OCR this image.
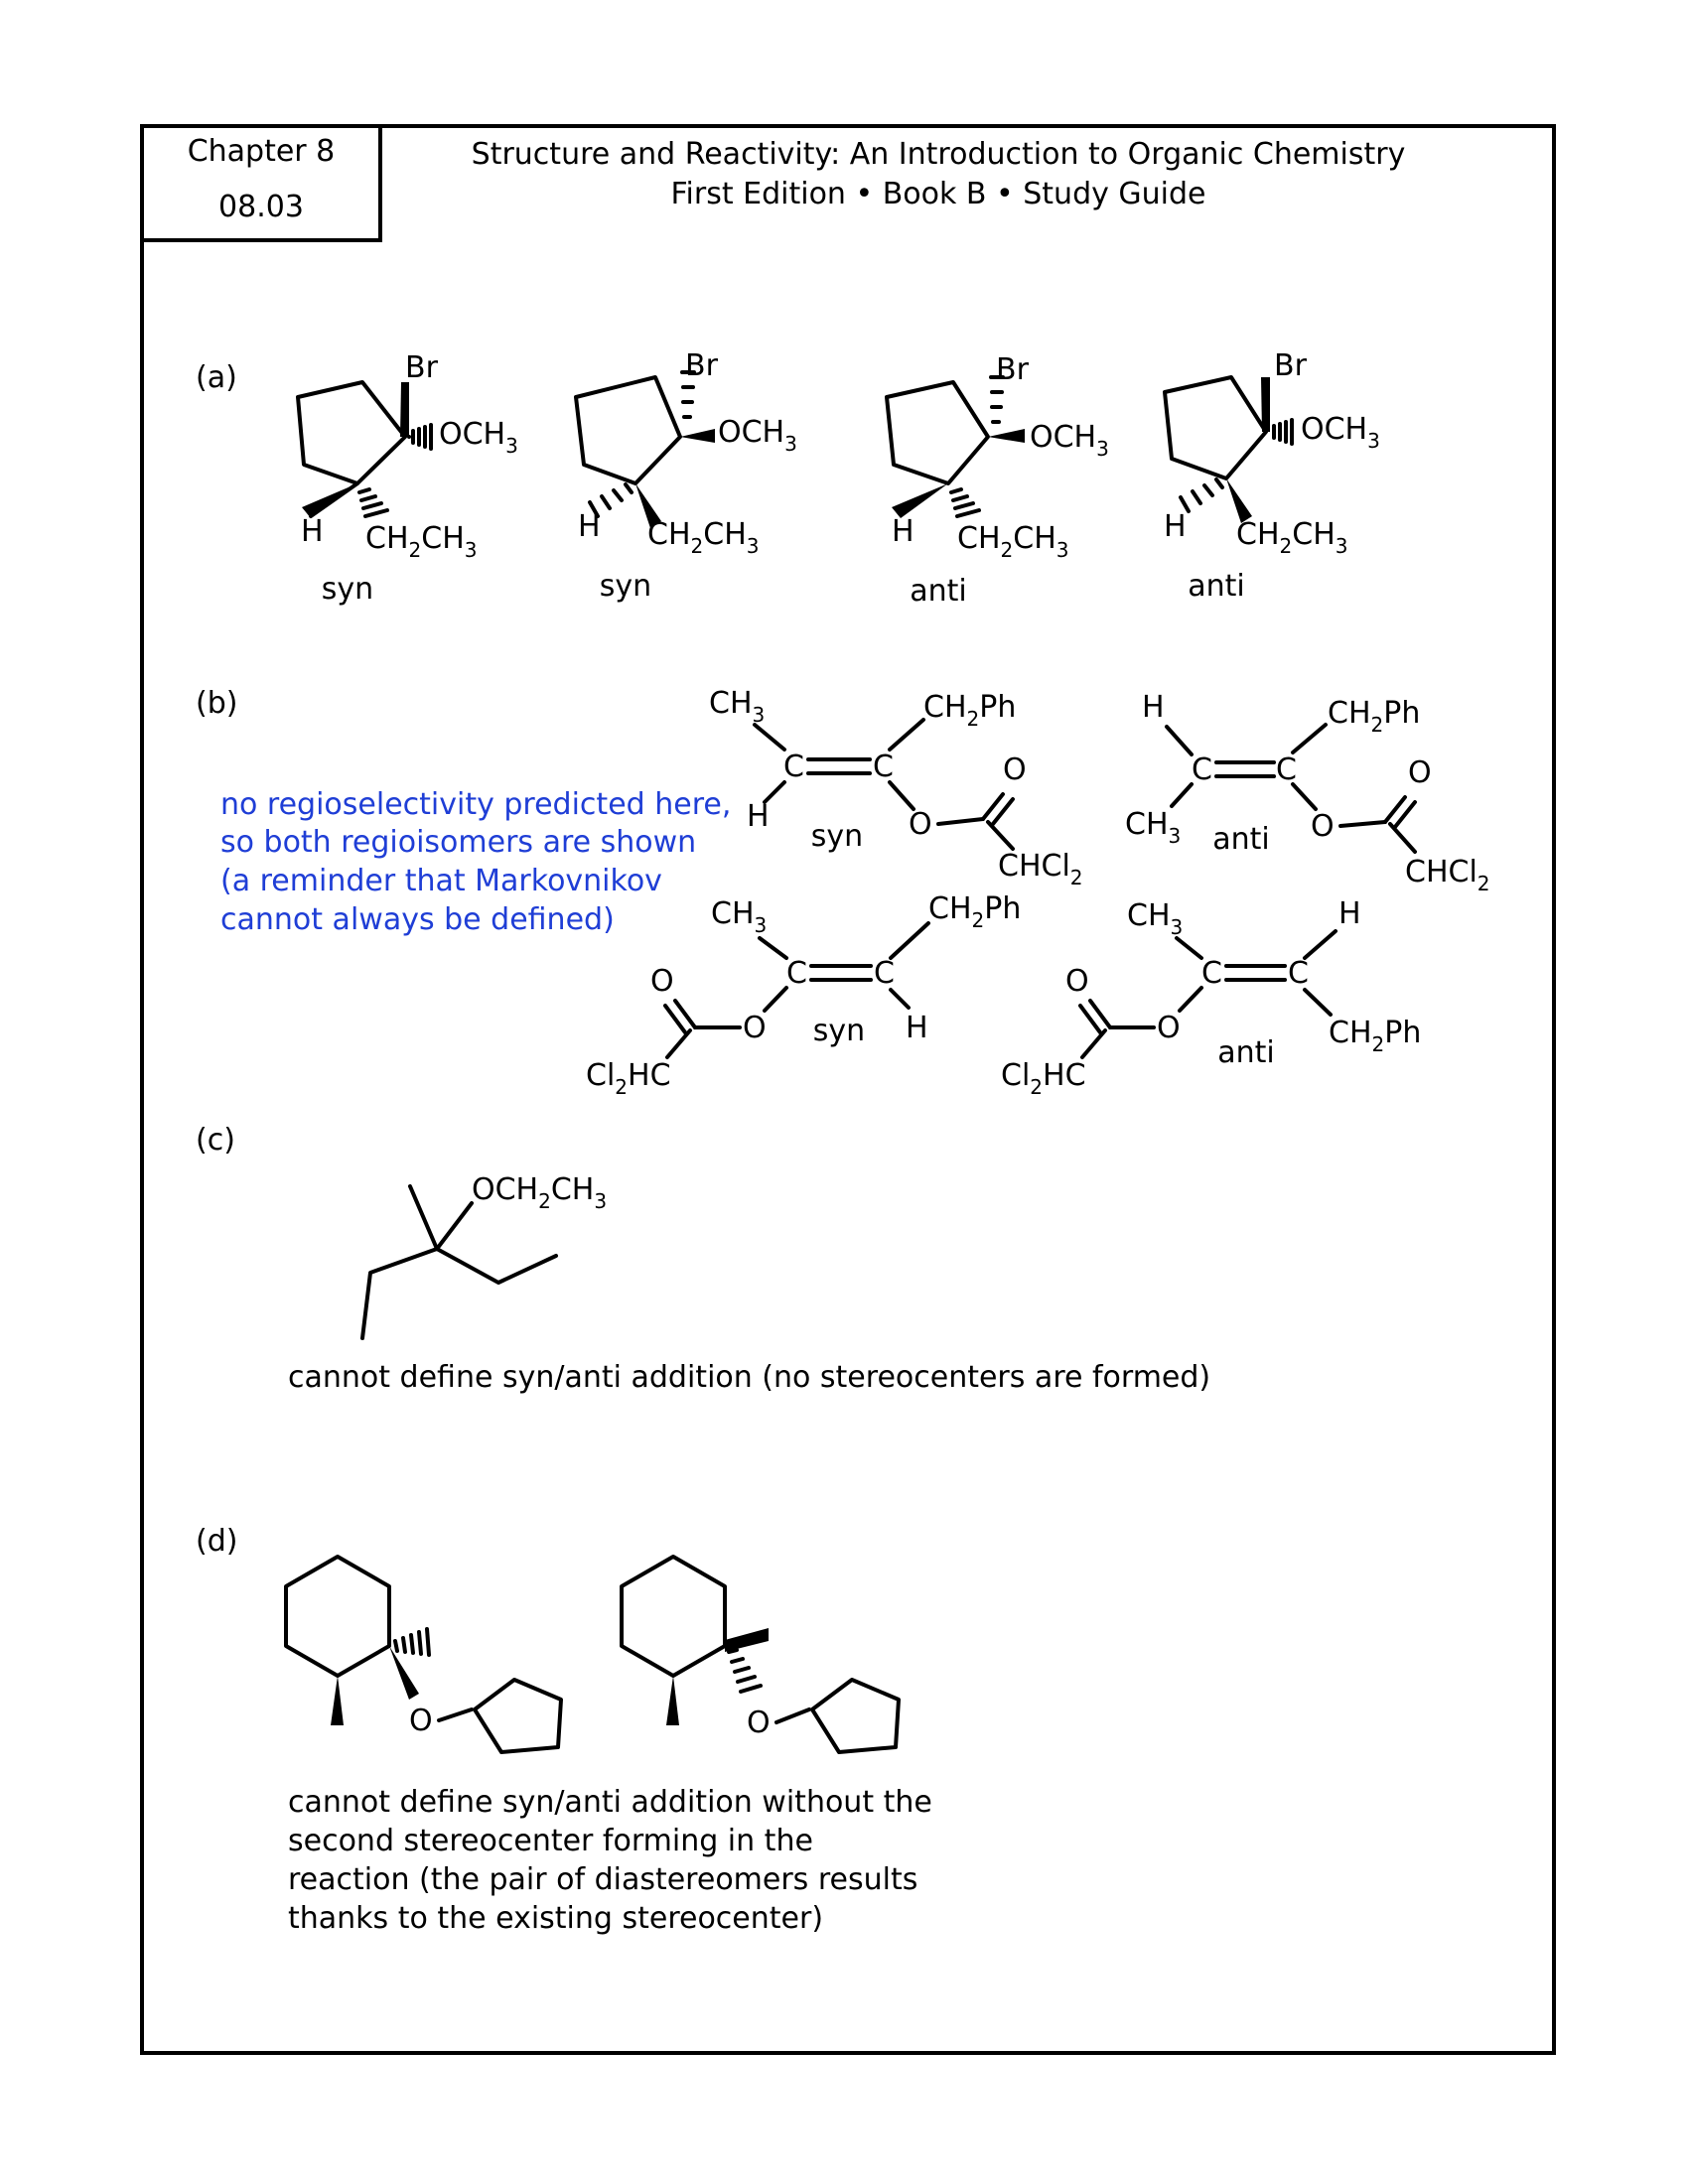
Chapter 8
08.03
Structure and Reactivity: An Introduction to Organic Chemistry
First Edition • Book B • Study Guide
(a)	Br
$OCH_3$
H $CH_2CH_3$
syn
Br
$OCH_3$
H $CH_2CH_3$
syn
Br
$OCH_3$
H $CH_2CH_3$
anti
Br
$OCH_3$
H $CH_2CH_3$
anti
(b)
no regioselectivity predicted here,
so both regioisomers are shown
(a reminder that Markovnikov
cannot always be defined)
$CH_3$
C C
H
$CH_2Ph$
O
O
CHCl$_2$
syn
H
C C
$CH_3$
$CH_2Ph$
O
O
CHCl$_2$
anti
$CH_3$
C C
$CH_2Ph$
H
O
O
$Cl_2HC$
syn
$CH_3$
C C
H
$CH_2Ph$
O
O
$Cl_2HC$
anti
(c)
$OCH_2CH_3$
cannot define syn/anti addition (no stereocenters are formed)
(d)
O	O
cannot define syn/anti addition without the
second stereocenter forming in the
reaction (the pair of diastereomers results
thanks to the existing stereocenter)
